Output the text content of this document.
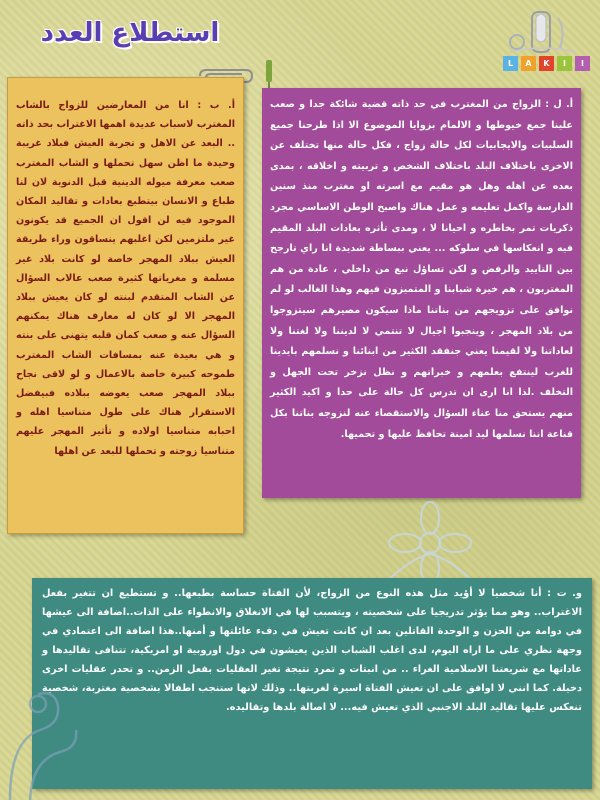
استطلاع العدد
L	A	K	I	I

أ. ب : انا من المعارضين للزواج بالشاب المغترب لاسباب عديدة اهمها الاغتراب بحد ذاته .. البعد عن الاهل و تجربة العيش فبلاد غريبة وحيدة ما اظن سهل تحملها و الشاب المغترب صعب معرفة ميوله الدينية قبل الدنوية لان لنا طباع و الانسان بيتطبع بعادات و تقاليد المكان الموجود فيه لن اقول ان الجميع قد يكونون غير ملتزمين لكن اغلبهم ينساقون وراء طريقة العيش ببلاد المهجر خاصة لو كانت بلاد غير مسلمة و مغرياتها كثيرة صعب عالاب السؤال عن الشاب المتقدم لبنته لو كان يعيش ببلاد المهجر الا لو كان له معارف هناك يمكنهم السؤال عنه و صعب كمان قلبه يتهنى على بنته و هي بعيدة عنه بمسافات الشاب المغترب طموحه كبيرة خاصة بالاعمال و لو لاقى نجاح ببلاد المهجر صعب يعوضه ببلاده فبيفضل الاستقرار هناك على طول متناسيا اهله و احبابه متناسيا اولاده و تأثير المهجر عليهم متناسيا زوجته و تحملها للبعد عن اهلها

أ. ل : الزواج من المغترب في حد ذاته قضية شائكة جدا و صعب علينا جمع خيوطها و الالمام بزوايا الموضوع الا اذا طرحنا جميع السلبيات والايجابيات لكل حالة زواج ، فكل حالة منها تختلف عن الاخرى باختلاف البلد باختلاف الشخص و تربيته و اخلاقه ، بمدى بعده عن اهله وهل هو مقيم مع اسرته او مغترب منذ سنين الدارسة واكمل تعليمه و عمل هناك واصبح الوطن الاساسي مجرد ذكريات تمر بخاطره و احيانا لا ، ومدى تأثره بعادات البلد المقيم فيه و انعكاسها في سلوكه ... يعني ببساطة شديدة انا راي تارجح بين التاييد والرفض و لكن تساؤل نبع من داخلي ، عادة من هم المغتربون ، هم خيرة شبابنا و المتميزون فيهم وهذا الغالب لو لم نوافق على تزويجهم من بناتنا ماذا سيكون مصيرهم سيتزوجوا من بلاد المهجر ، وينجبوا اجيال لا تنتمي لا لديننا ولا لغتنا ولا لعاداتنا ولا لقيمنا يعني جنفقد الكثير من ابنائنا و نسلمهم بايدينا للغرب لينتفع بعلمهم و خبراتهم و نظل نزخر تحت الجهل و التخلف .لذا انا ارى ان تدرس كل حالة على حدا و اكيد الكثير منهم يستحق منا عناء السؤال والاستقصاء عنه لنزوجه بناتنا بكل قناعة اننا نسلمها ليد امينة تحافظ عليها و تحميها.

و. ت : أنا شخصيا لا أؤيد مثل هذه النوع من الزواج، لأن الفتاة حساسة بطبعها.. و تستطيع ان تتغير بفعل الاغتراب.. وهو مما يؤثر تدريجيا على شخصيته ، ويتسبب لها في الانغلاق والانطواء على الذات..اضافة الى عيشها في دوامة من الحزن و الوحدة القاتلين بعد ان كانت تعيش في دفء عائلتها و أمنها..هذا اضافة الى اعتمادي في وجهة نظري على ما اراه اليوم، لدى اغلب الشباب الذين يعيشون في دول اوروبية او امريكية، تتنافى تقاليدها و عاداتها مع شريعتنا الاسلامية الغراء .. من انبتات و تمرد نتيجة تغير العقليات بفعل الزمن.. و تحدر عقليات اخرى دخيلة. كما انني لا اوافق على ان تعيش الفتاة اسيرة لغربتها.. وذلك لانها ستنجب اطفالا بشخصية مغتربة، شخصية تنعكس عليها تقاليد البلد الاجنبي الذي تعيش فيه... لا اصالة بلدها وتقاليده.
